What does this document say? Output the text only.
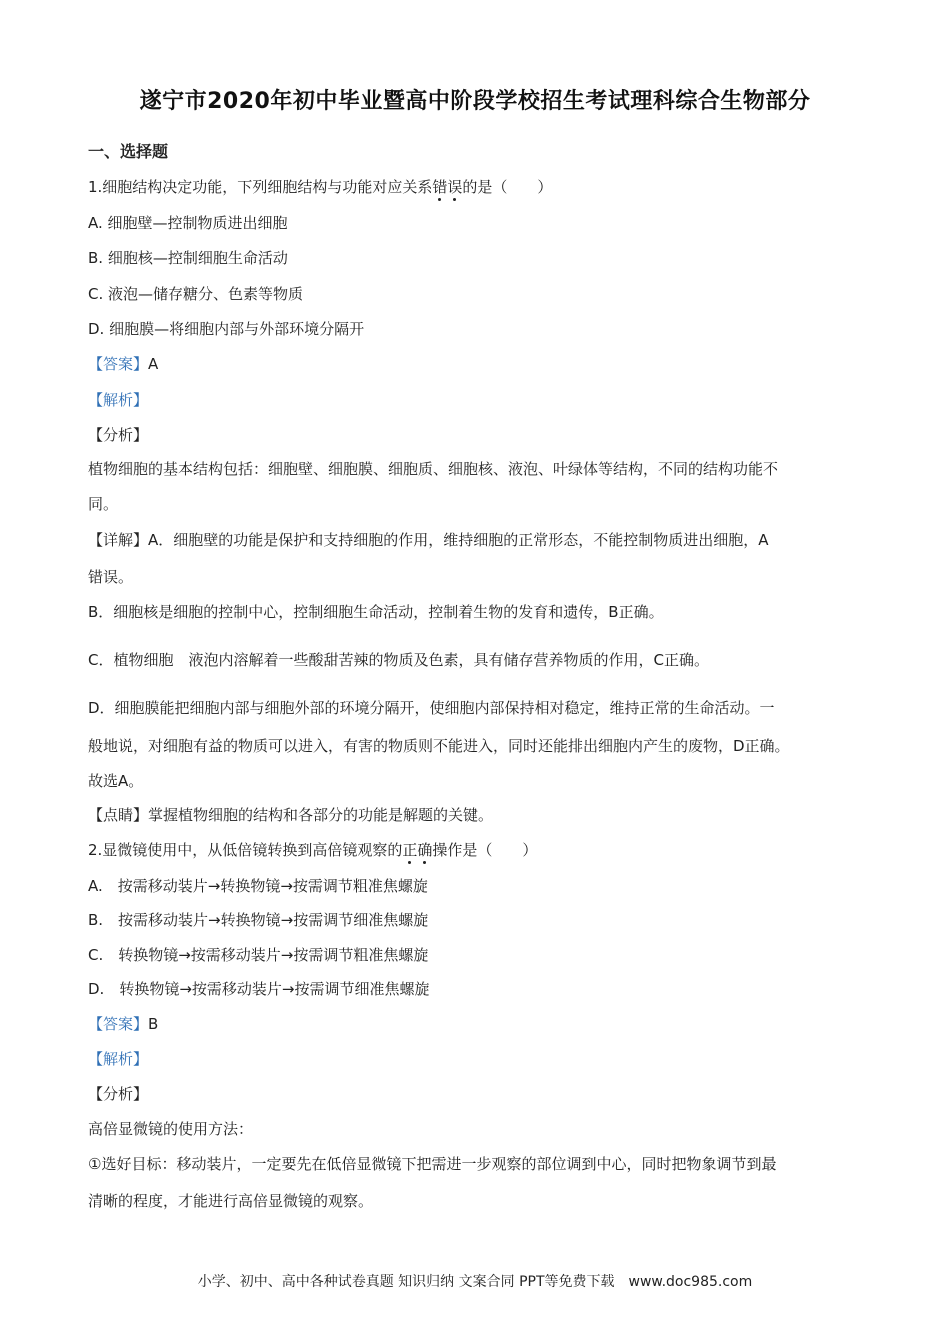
遂宁市2020年初中毕业暨高中阶段学校招生考试理科综合生物部分
一、选择题
1.细胞结构决定功能，下列细胞结构与功能对应关系错误的是（　　）
A. 细胞壁—控制物质进出细胞
B. 细胞核—控制细胞生命活动
C. 液泡—储存糖分、色素等物质
D. 细胞膜—将细胞内部与外部环境分隔开
【答案】A
【解析】
【分析】
植物细胞的基本结构包括：细胞壁、细胞膜、细胞质、细胞核、液泡、叶绿体等结构，不同的结构功能不
同。
【详解】A．细胞壁的功能是保护和支持细胞的作用，维持细胞的正常形态，不能控制物质进出细胞，A
错误。
B．细胞核是细胞的控制中心，控制细胞生命活动，控制着生物的发育和遗传，B正确。
C．植物细胞　液泡内溶解着一些酸甜苦辣的物质及色素，具有储存营养物质的作用，C正确。
D．细胞膜能把细胞内部与细胞外部的环境分隔开，使细胞内部保持相对稳定，维持正常的生命活动。一
般地说，对细胞有益的物质可以进入，有害的物质则不能进入，同时还能排出细胞内产生的废物，D正确。
故选A。
【点睛】掌握植物细胞的结构和各部分的功能是解题的关键。
2.显微镜使用中，从低倍镜转换到高倍镜观察的正确操作是（　　）
A.　按需移动装片→转换物镜→按需调节粗准焦螺旋
B.　按需移动装片→转换物镜→按需调节细准焦螺旋
C.　转换物镜→按需移动装片→按需调节粗准焦螺旋
D.　转换物镜→按需移动装片→按需调节细准焦螺旋
【答案】B
【解析】
【分析】
高倍显微镜的使用方法：
①选好目标：移动装片，一定要先在低倍显微镜下把需进一步观察的部位调到中心，同时把物象调节到最
清晰的程度，才能进行高倍显微镜的观察。
小学、初中、高中各种试卷真题 知识归纳 文案合同 PPT等免费下载　www.doc985.com
